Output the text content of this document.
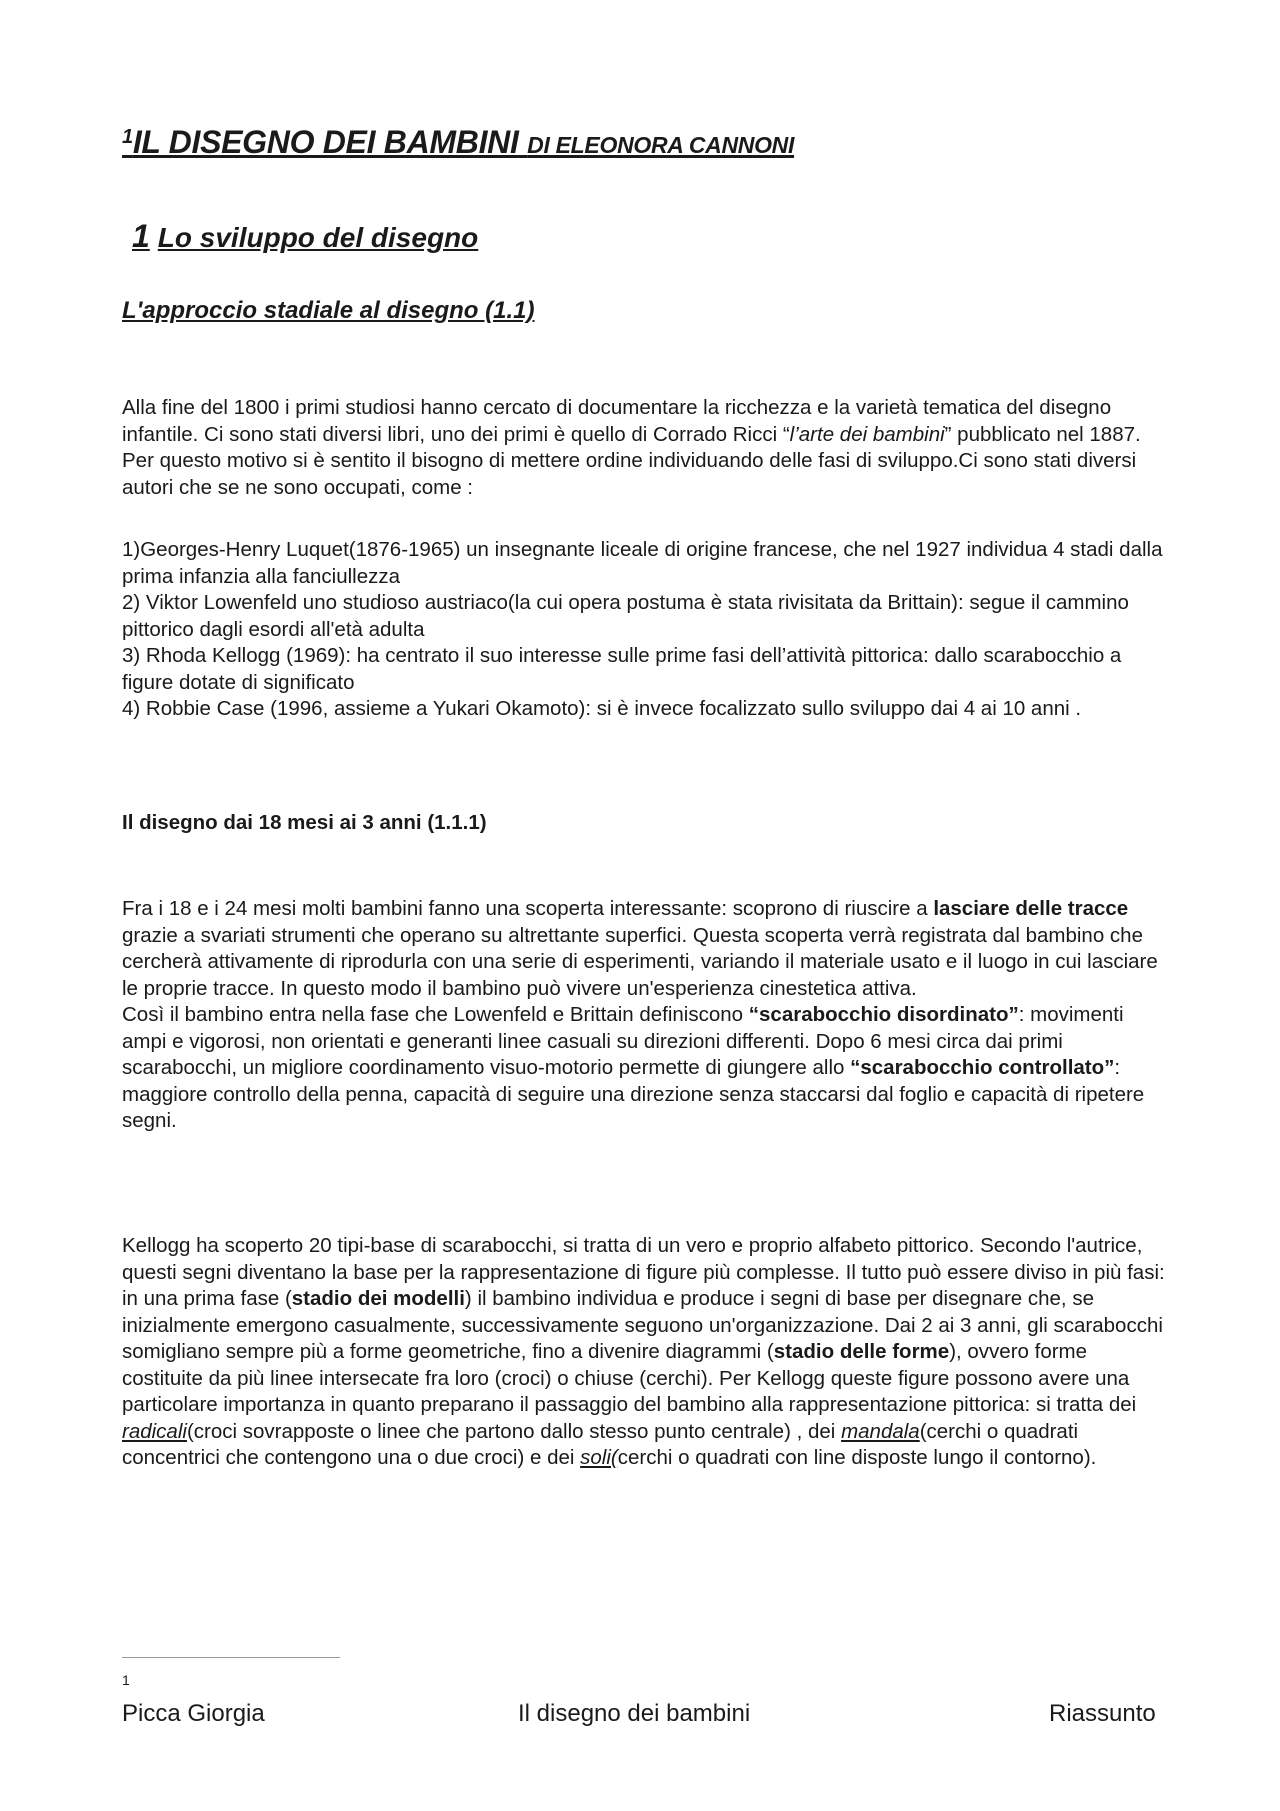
$^1$IL DISEGNO DEI BAMBINI DI ELEONORA CANNONI
1 Lo sviluppo del disegno
L'approccio stadiale al disegno (1.1)

Alla fine del 1800 i primi studiosi hanno cercato di documentare la ricchezza e la varietà tematica del disegno infantile. Ci sono stati diversi libri, uno dei primi è quello di Corrado Ricci “l’arte dei bambini” pubblicato nel 1887. Per questo motivo si è sentito il bisogno di mettere ordine individuando delle fasi di sviluppo.Ci sono stati diversi autori che se ne sono occupati, come :

1)Georges-Henry Luquet(1876-1965) un insegnante liceale di origine francese, che nel 1927 individua 4 stadi dalla prima infanzia alla fanciullezza
2) Viktor Lowenfeld uno studioso austriaco(la cui opera postuma è stata rivisitata da Brittain): segue il cammino pittorico dagli esordi all'età adulta
3) Rhoda Kellogg (1969): ha centrato il suo interesse sulle prime fasi dell’attività pittorica: dallo scarabocchio a figure dotate di significato
4) Robbie Case (1996, assieme a Yukari Okamoto): si è invece focalizzato sullo sviluppo dai 4 ai 10 anni .
Il disegno dai 18 mesi ai 3 anni (1.1.1)

Fra i 18 e i 24 mesi molti bambini fanno una scoperta interessante: scoprono di riuscire a lasciare delle tracce grazie a svariati strumenti che operano su altrettante superfici. Questa scoperta verrà registrata dal bambino che cercherà attivamente di riprodurla con una serie di esperimenti, variando il materiale usato e il luogo in cui lasciare le proprie tracce. In questo modo il bambino può vivere un'esperienza cinestetica attiva.
Così il bambino entra nella fase che Lowenfeld e Brittain definiscono “scarabocchio disordinato”: movimenti ampi e vigorosi, non orientati e generanti linee casuali su direzioni differenti. Dopo 6 mesi circa dai primi scarabocchi, un migliore coordinamento visuo-motorio permette di giungere allo “scarabocchio controllato”: maggiore controllo della penna, capacità di seguire una direzione senza staccarsi dal foglio e capacità di ripetere segni.

Kellogg ha scoperto 20 tipi-base di scarabocchi, si tratta di un vero e proprio alfabeto pittorico. Secondo l'autrice, questi segni diventano la base per la rappresentazione di figure più complesse. Il tutto può essere diviso in più fasi: in una prima fase (stadio dei modelli) il bambino individua e produce i segni di base per disegnare che, se inizialmente emergono casualmente, successivamente seguono un'organizzazione. Dai 2 ai 3 anni, gli scarabocchi somigliano sempre più a forme geometriche, fino a divenire diagrammi (stadio delle forme), ovvero forme costituite da più linee intersecate fra loro (croci) o chiuse (cerchi). Per Kellogg queste figure possono avere una particolare importanza in quanto preparano il passaggio del bambino alla rappresentazione pittorica: si tratta dei radicali(croci sovrapposte o linee che partono dallo stesso punto centrale) , dei mandala(cerchi o quadrati concentrici che contengono una o due croci) e dei soli(cerchi o quadrati con line disposte lungo il contorno).

1
Picca Giorgia	Il disegno dei bambini	Riassunto
